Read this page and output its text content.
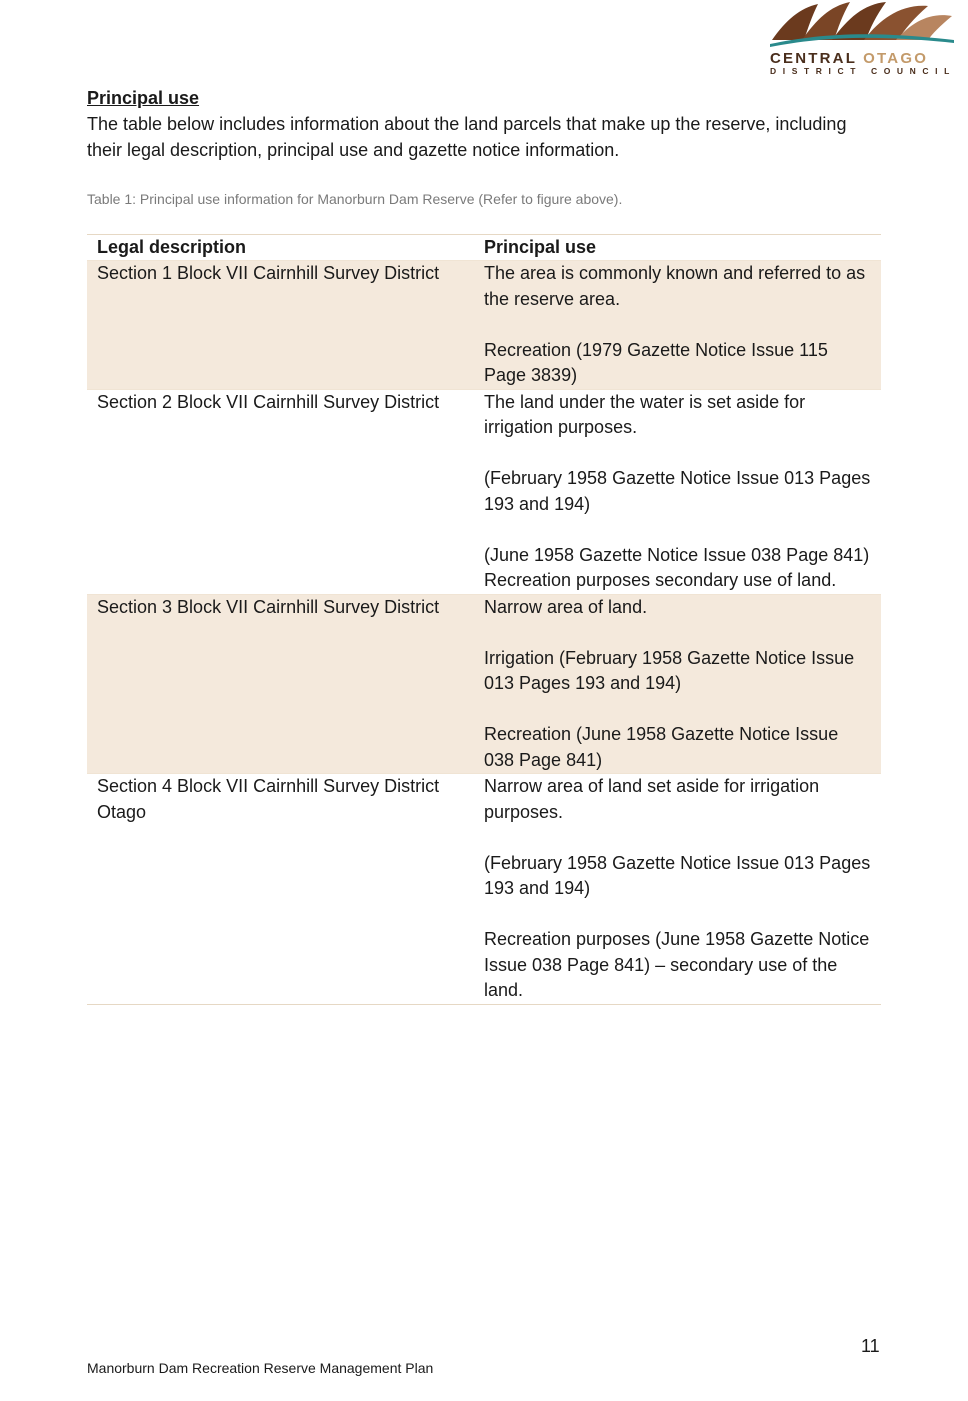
CENTRAL OTAGO
DISTRICT COUNCIL
Principal use

The table below includes information about the land parcels that make up the reserve, including their legal description, principal use and gazette notice information.

Table 1: Principal use information for Manorburn Dam Reserve (Refer to figure above).

Legal description	Principal use
Section 1 Block VII Cairnhill Survey District	The area is commonly known and referred to as the reserve area.
Recreation (1979 Gazette Notice Issue 115 Page 3839)

Section 2 Block VII Cairnhill Survey District	The land under the water is set aside for irrigation purposes.
(February 1958 Gazette Notice Issue 013 Pages 193 and 194)
(June 1958 Gazette Notice Issue 038 Page 841) Recreation purposes secondary use of land.

Section 3 Block VII Cairnhill Survey District	Narrow area of land.
Irrigation (February 1958 Gazette Notice Issue 013 Pages 193 and 194)
Recreation (June 1958 Gazette Notice Issue 038 Page 841)

Section 4 Block VII Cairnhill Survey District Otago	Narrow area of land set aside for irrigation purposes.
(February 1958 Gazette Notice Issue 013 Pages 193 and 194)
Recreation purposes (June 1958 Gazette Notice Issue 038 Page 841) – secondary use of the land.

11

Manorburn Dam Recreation Reserve Management Plan
